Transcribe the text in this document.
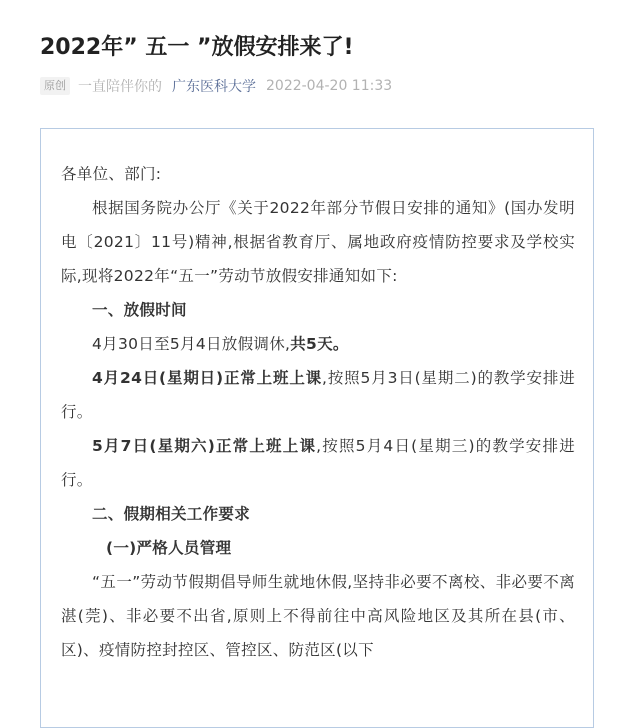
2022年” 五一 ”放假安排来了!
原创 一直陪伴你的 广东医科大学 2022-04-20 11:33

各单位、部门:

根据国务院办公厅《关于2022年部分节假日安排的通知》(国办发明电〔2021〕11号)精神,根据省教育厅、属地政府疫情防控要求及学校实际,现将2022年“五一”劳动节放假安排通知如下:

一、放假时间

4月30日至5月4日放假调休,共5天。

4月24日(星期日)正常上班上课,按照5月3日(星期二)的教学安排进行。

5月7日(星期六)正常上班上课,按照5月4日(星期三)的教学安排进行。

二、假期相关工作要求

(一)严格人员管理

“五一”劳动节假期倡导师生就地休假,坚持非必要不离校、非必要不离湛(莞)、非必要不出省,原则上不得前往中高风险地区及其所在县(市、区)、疫情防控封控区、管控区、防范区(以下
